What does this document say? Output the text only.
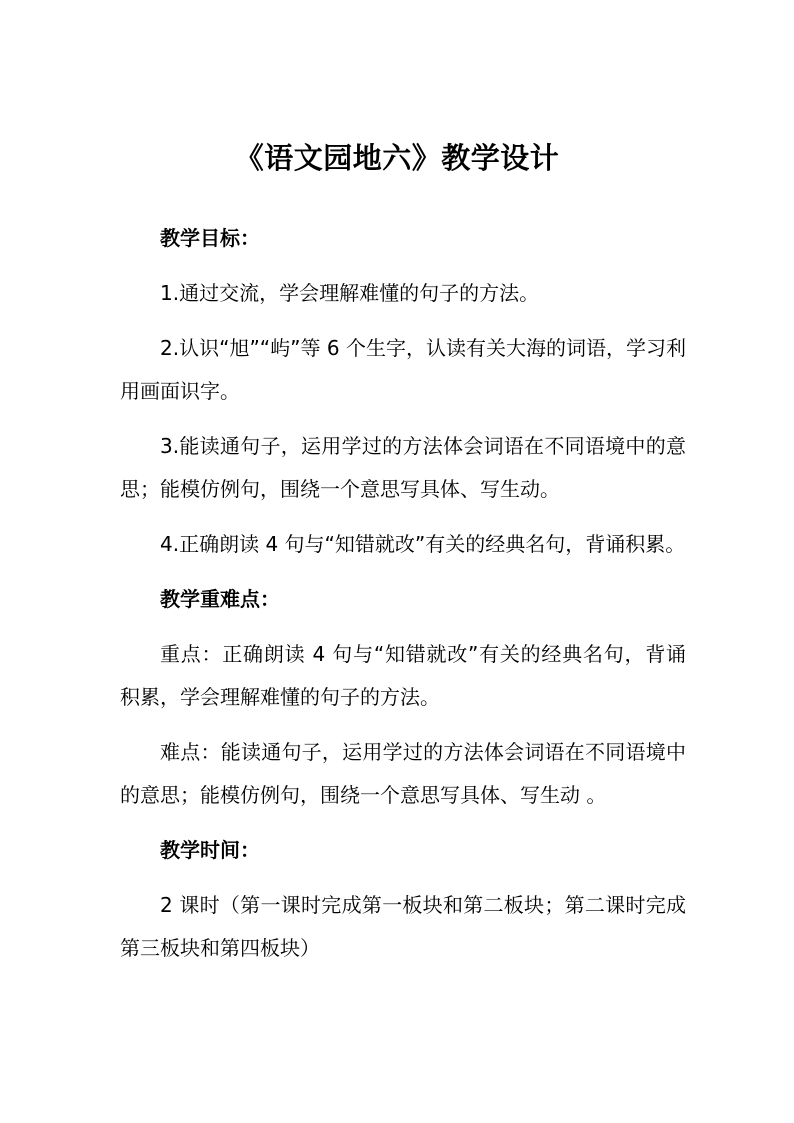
《语文园地六》教学设计

教学目标：

1.通过交流，学会理解难懂的句子的方法。

2.认识“旭”“屿”等 6 个生字，认读有关大海的词语，学习利用画面识字。

3.能读通句子，运用学过的方法体会词语在不同语境中的意思；能模仿例句，围绕一个意思写具体、写生动。

4.正确朗读 4 句与“知错就改”有关的经典名句，背诵积累。

教学重难点：

重点：正确朗读 4 句与“知错就改”有关的经典名句，背诵积累，学会理解难懂的句子的方法。

难点：能读通句子，运用学过的方法体会词语在不同语境中的意思；能模仿例句，围绕一个意思写具体、写生动 。

教学时间：

2 课时（第一课时完成第一板块和第二板块；第二课时完成第三板块和第四板块）
